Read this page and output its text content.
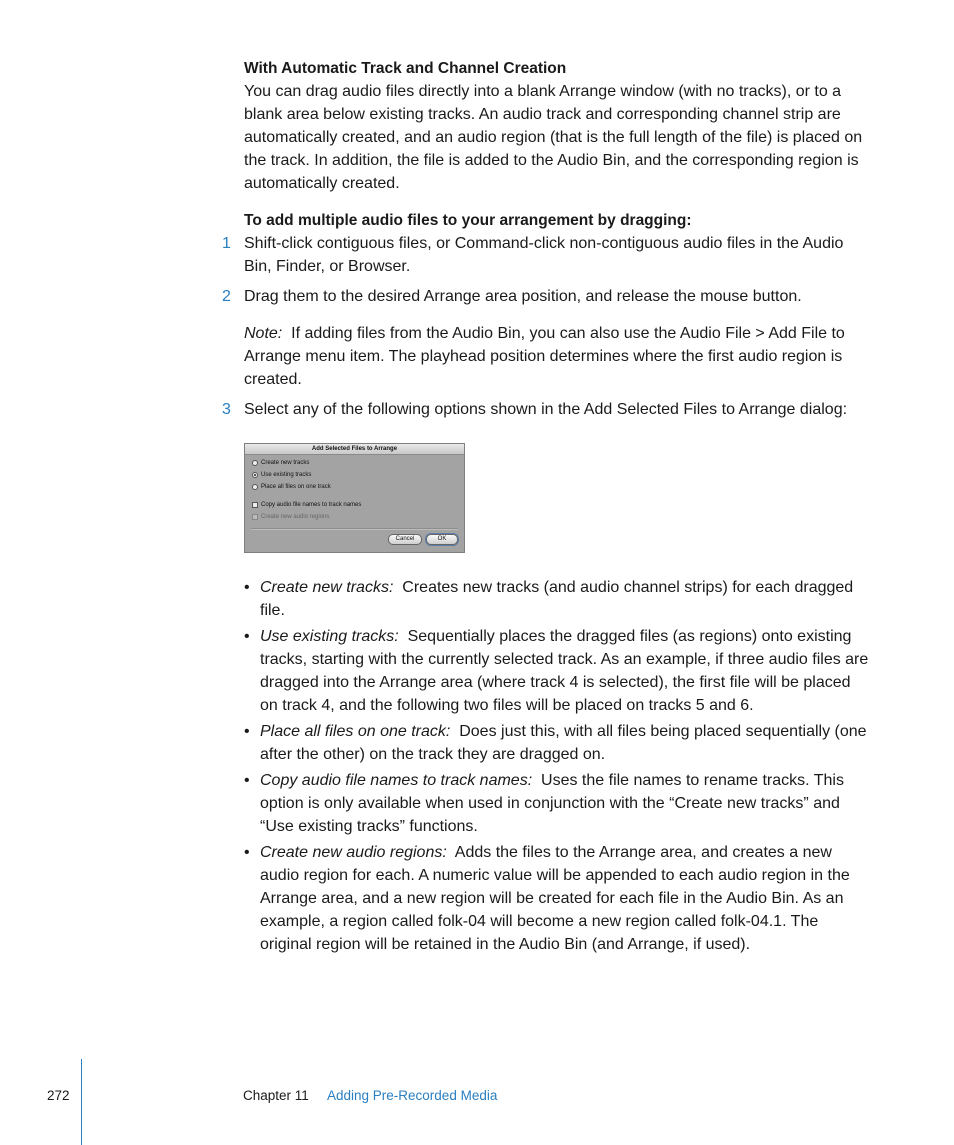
With Automatic Track and Channel Creation

You can drag audio files directly into a blank Arrange window (with no tracks), or to a blank area below existing tracks. An audio track and corresponding channel strip are automatically created, and an audio region (that is the full length of the file) is placed on the track. In addition, the file is added to the Audio Bin, and the corresponding region is automatically created.

To add multiple audio files to your arrangement by dragging:

1 Shift-click contiguous files, or Command-click non-contiguous audio files in the Audio Bin, Finder, or Browser.

2 Drag them to the desired Arrange area position, and release the mouse button.

Note: If adding files from the Audio Bin, you can also use the Audio File > Add File to Arrange menu item. The playhead position determines where the first audio region is created.

3 Select any of the following options shown in the Add Selected Files to Arrange dialog:

Add Selected Files to Arrange
Create new tracks
Use existing tracks
Place all files on one track
Copy audio file names to track names
Create new audio regions
Cancel	OK
• Create new tracks: Creates new tracks (and audio channel strips) for each dragged file.
• Use existing tracks: Sequentially places the dragged files (as regions) onto existing tracks, starting with the currently selected track. As an example, if three audio files are dragged into the Arrange area (where track 4 is selected), the first file will be placed on track 4, and the following two files will be placed on tracks 5 and 6.
• Place all files on one track: Does just this, with all files being placed sequentially (one after the other) on the track they are dragged on.
• Copy audio file names to track names: Uses the file names to rename tracks. This option is only available when used in conjunction with the “Create new tracks” and “Use existing tracks” functions.
• Create new audio regions: Adds the files to the Arrange area, and creates a new audio region for each. A numeric value will be appended to each audio region in the Arrange area, and a new region will be created for each file in the Audio Bin. As an example, a region called folk-04 will become a new region called folk-04.1. The original region will be retained in the Audio Bin (and Arrange, if used).
272	Chapter 11 Adding Pre-Recorded Media
